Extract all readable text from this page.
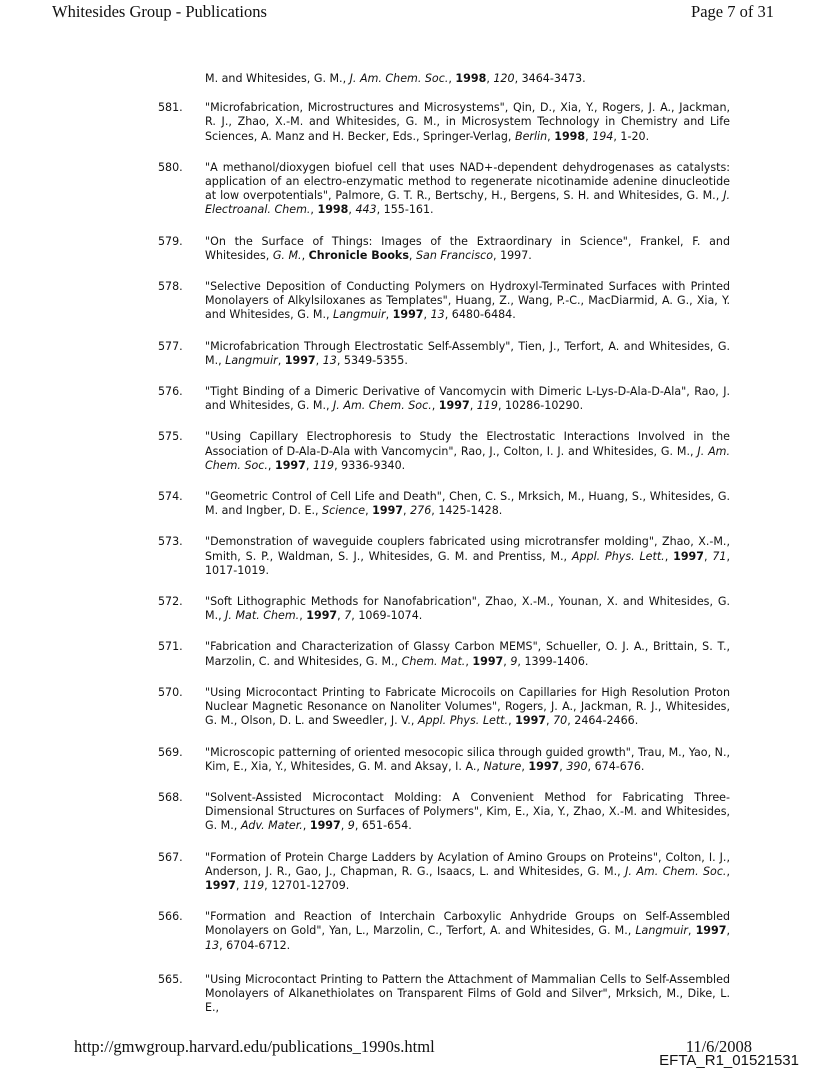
Whitesides Group - Publications	Page 7 of 31
M. and Whitesides, G. M., J. Am. Chem. Soc., 1998, 120, 3464-3473.
581. "Microfabrication, Microstructures and Microsystems", Qin, D., Xia, Y., Rogers, J. A., Jackman, R. J., Zhao, X.-M. and Whitesides, G. M., in Microsystem Technology in Chemistry and Life Sciences, A. Manz and H. Becker, Eds., Springer-Verlag, Berlin, 1998, 194, 1-20.
580. "A methanol/dioxygen biofuel cell that uses NAD+-dependent dehydrogenases as catalysts: application of an electro-enzymatic method to regenerate nicotinamide adenine dinucleotide at low overpotentials", Palmore, G. T. R., Bertschy, H., Bergens, S. H. and Whitesides, G. M., J. Electroanal. Chem., 1998, 443, 155-161.
579. "On the Surface of Things: Images of the Extraordinary in Science", Frankel, F. and Whitesides, G. M., Chronicle Books, San Francisco, 1997.
578. "Selective Deposition of Conducting Polymers on Hydroxyl-Terminated Surfaces with Printed Monolayers of Alkylsiloxanes as Templates", Huang, Z., Wang, P.-C., MacDiarmid, A. G., Xia, Y. and Whitesides, G. M., Langmuir, 1997, 13, 6480-6484.
577. "Microfabrication Through Electrostatic Self-Assembly", Tien, J., Terfort, A. and Whitesides, G. M., Langmuir, 1997, 13, 5349-5355.
576. "Tight Binding of a Dimeric Derivative of Vancomycin with Dimeric L-Lys-D-Ala-D-Ala", Rao, J. and Whitesides, G. M., J. Am. Chem. Soc., 1997, 119, 10286-10290.
575. "Using Capillary Electrophoresis to Study the Electrostatic Interactions Involved in the Association of D-Ala-D-Ala with Vancomycin", Rao, J., Colton, I. J. and Whitesides, G. M., J. Am. Chem. Soc., 1997, 119, 9336-9340.
574. "Geometric Control of Cell Life and Death", Chen, C. S., Mrksich, M., Huang, S., Whitesides, G. M. and Ingber, D. E., Science, 1997, 276, 1425-1428.
573. "Demonstration of waveguide couplers fabricated using microtransfer molding", Zhao, X.-M., Smith, S. P., Waldman, S. J., Whitesides, G. M. and Prentiss, M., Appl. Phys. Lett., 1997, 71, 1017-1019.
572. "Soft Lithographic Methods for Nanofabrication", Zhao, X.-M., Younan, X. and Whitesides, G. M., J. Mat. Chem., 1997, 7, 1069-1074.
571. "Fabrication and Characterization of Glassy Carbon MEMS", Schueller, O. J. A., Brittain, S. T., Marzolin, C. and Whitesides, G. M., Chem. Mat., 1997, 9, 1399-1406.
570. "Using Microcontact Printing to Fabricate Microcoils on Capillaries for High Resolution Proton Nuclear Magnetic Resonance on Nanoliter Volumes", Rogers, J. A., Jackman, R. J., Whitesides, G. M., Olson, D. L. and Sweedler, J. V., Appl. Phys. Lett., 1997, 70, 2464-2466.
569. "Microscopic patterning of oriented mesocopic silica through guided growth", Trau, M., Yao, N., Kim, E., Xia, Y., Whitesides, G. M. and Aksay, I. A., Nature, 1997, 390, 674-676.
568. "Solvent-Assisted Microcontact Molding: A Convenient Method for Fabricating Three-Dimensional Structures on Surfaces of Polymers", Kim, E., Xia, Y., Zhao, X.-M. and Whitesides, G. M., Adv. Mater., 1997, 9, 651-654.
567. "Formation of Protein Charge Ladders by Acylation of Amino Groups on Proteins", Colton, I. J., Anderson, J. R., Gao, J., Chapman, R. G., Isaacs, L. and Whitesides, G. M., J. Am. Chem. Soc., 1997, 119, 12701-12709.
566. "Formation and Reaction of Interchain Carboxylic Anhydride Groups on Self-Assembled Monolayers on Gold", Yan, L., Marzolin, C., Terfort, A. and Whitesides, G. M., Langmuir, 1997, 13, 6704-6712.
565. "Using Microcontact Printing to Pattern the Attachment of Mammalian Cells to Self-Assembled Monolayers of Alkanethiolates on Transparent Films of Gold and Silver", Mrksich, M., Dike, L. E.,
http://gmwgroup.harvard.edu/publications_1990s.html	11/6/2008
EFTA_R1_01521531
